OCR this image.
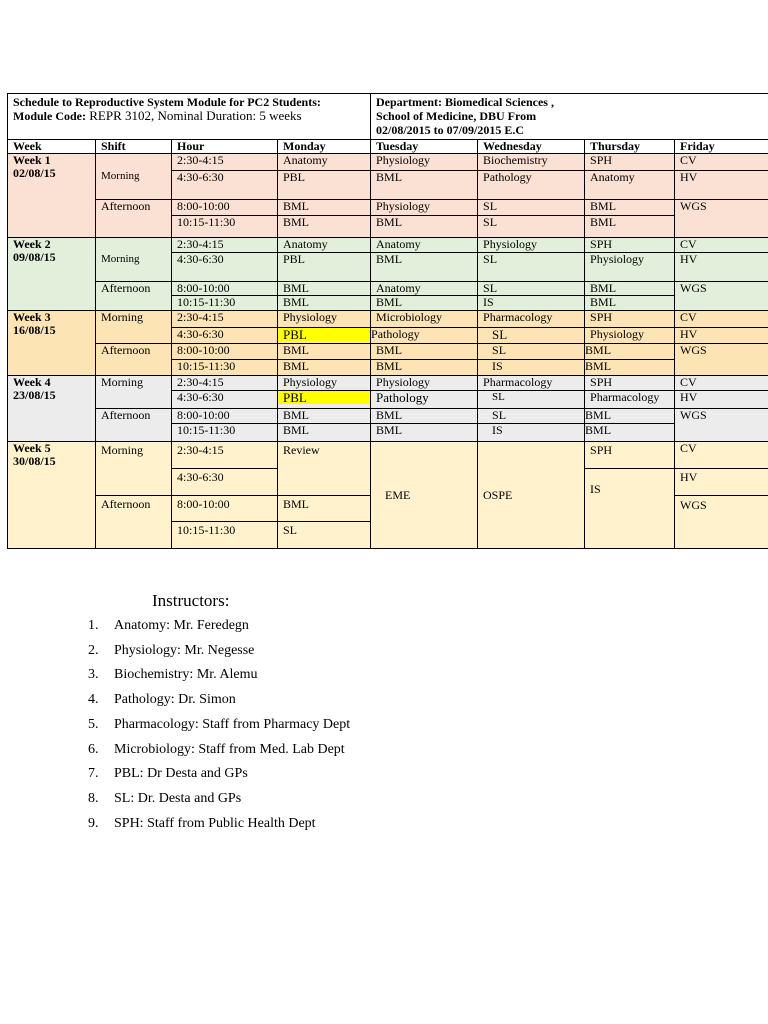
Schedule to Reproductive System Module for PC2 Students:
Module Code: REPR 3102, Nominal Duration: 5 weeks				Department: Biomedical Sciences ,
School of Medicine, DBU From
02/08/2015 to 07/09/2015 E.C			
Week	Shift	Hour	Monday	Tuesday	Wednesday	Thursday	Friday
Week 1
02/08/15	Morning	2:30-4:15	Anatomy	Physiology	Biochemistry	SPH	CV
		4:30-6:30	PBL	BML	Pathology	Anatomy	HV
	Afternoon	8:00-10:00	BML	Physiology	SL	BML	WGS
		10:15-11:30	BML	BML	SL	BML	
Week 2
09/08/15	Morning	2:30-4:15	Anatomy	Anatomy	Physiology	SPH	CV
		4:30-6:30	PBL	BML	SL	Physiology	HV
	Afternoon	8:00-10:00	BML	Anatomy	SL	BML	WGS
		10:15-11:30	BML	BML	IS	BML	
Week 3
16/08/15	Morning	2:30-4:15	Physiology	Microbiology	Pharmacology	SPH	CV
		4:30-6:30	PBL	Pathology	SL	Physiology	HV
	Afternoon	8:00-10:00	BML	BML	SL	BML	WGS
		10:15-11:30	BML	BML	IS	BML	
Week 4
23/08/15	Morning	2:30-4:15	Physiology	Physiology	Pharmacology	SPH	CV
		4:30-6:30	PBL	Pathology	SL	Pharmacology	HV
	Afternoon	8:00-10:00	BML	BML	SL	BML	WGS
		10:15-11:30	BML	BML	IS	BML	
Week 5
30/08/15	Morning	2:30-4:15	Review	EME	OSPE	SPH	CV
		4:30-6:30				IS	HV
	Afternoon	8:00-10:00	BML				WGS
		10:15-11:30	SL				
Instructors:
1. Anatomy: Mr. Feredegn
2. Physiology: Mr. Negesse
3. Biochemistry: Mr. Alemu
4. Pathology: Dr. Simon
5. Pharmacology: Staff from Pharmacy Dept
6. Microbiology: Staff from Med. Lab Dept
7. PBL: Dr Desta and GPs
8. SL: Dr. Desta and GPs
9. SPH: Staff from Public Health Dept
